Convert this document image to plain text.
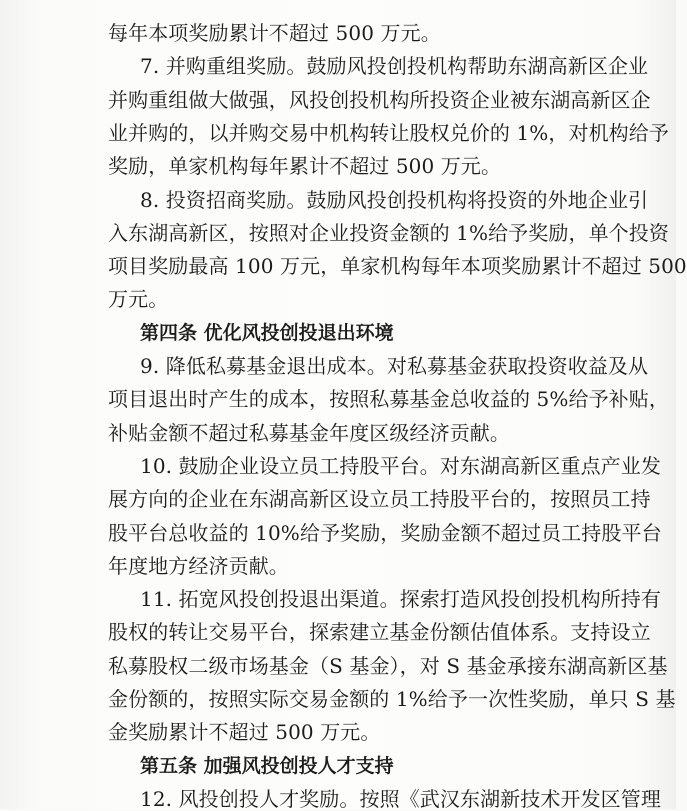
每年本项奖励累计不超过 500 万元。
7. 并购重组奖励。鼓励风投创投机构帮助东湖高新区企业
并购重组做大做强，风投创投机构所投资企业被东湖高新区企
业并购的，以并购交易中机构转让股权兑价的 1%，对机构给予
奖励，单家机构每年累计不超过 500 万元。
8. 投资招商奖励。鼓励风投创投机构将投资的外地企业引
入东湖高新区，按照对企业投资金额的 1%给予奖励，单个投资
项目奖励最高 100 万元，单家机构每年本项奖励累计不超过 500
万元。
第四条 优化风投创投退出环境
9. 降低私募基金退出成本。对私募基金获取投资收益及从
项目退出时产生的成本，按照私募基金总收益的 5%给予补贴，
补贴金额不超过私募基金年度区级经济贡献。
10. 鼓励企业设立员工持股平台。对东湖高新区重点产业发
展方向的企业在东湖高新区设立员工持股平台的，按照员工持
股平台总收益的 10%给予奖励，奖励金额不超过员工持股平台
年度地方经济贡献。
11. 拓宽风投创投退出渠道。探索打造风投创投机构所持有
股权的转让交易平台，探索建立基金份额估值体系。支持设立
私募股权二级市场基金（S 基金），对 S 基金承接东湖高新区基
金份额的，按照实际交易金额的 1%给予一次性奖励，单只 S 基
金奖励累计不超过 500 万元。
第五条 加强风投创投人才支持
12. 风投创投人才奖励。按照《武汉东湖新技术开发区管理
